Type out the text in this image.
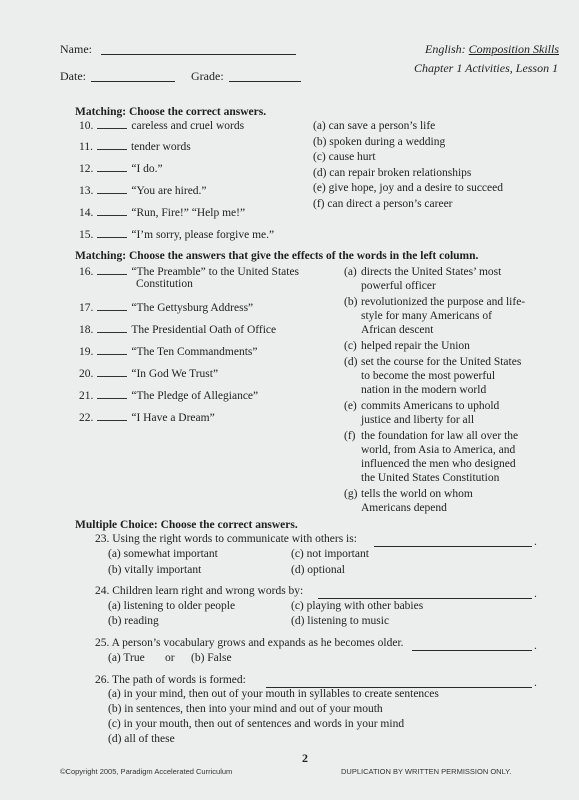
Name:
Date:	Grade:
English: Composition Skills
Chapter 1 Activities, Lesson 1
Matching: Choose the correct answers.
10.	careless and cruel words
11.	tender words
12.	“I do.”
13.	“You are hired.”
14.	“Run, Fire!” “Help me!”
15.	“I’m sorry, please forgive me.”
(a) can save a person’s life
(b) spoken during a wedding
(c) cause hurt
(d) can repair broken relationships
(e) give hope, joy and a desire to succeed
(f) can direct a person’s career
Matching: Choose the answers that give the effects of the words in the left column.
16.	“The Preamble” to the United States
Constitution
17.	“The Gettysburg Address”
18.	The Presidential Oath of Office
19.	“The Ten Commandments”
20.	“In God We Trust”
21.	“The Pledge of Allegiance”
22.	“I Have a Dream”
(a) directs the United States’ most
powerful officer
(b) revolutionized the purpose and life-
style for many Americans of
African descent
(c) helped repair the Union
(d) set the course for the United States
to become the most powerful
nation in the modern world
(e) commits Americans to uphold
justice and liberty for all
(f) the foundation for law all over the
world, from Asia to America, and
influenced the men who designed
the United States Constitution
(g) tells the world on whom
Americans depend
Multiple Choice: Choose the correct answers.
23. Using the right words to communicate with others is:	.
(a) somewhat important
(b) vitally important
(c) not important
(d) optional
24. Children learn right and wrong words by:	.
(a) listening to older people
(b) reading
(c) playing with other babies
(d) listening to music
25. A person’s vocabulary grows and expands as he becomes older.	.
(a) True or (b) False
26. The path of words is formed:	.
(a) in your mind, then out of your mouth in syllables to create sentences
(b) in sentences, then into your mind and out of your mouth
(c) in your mouth, then out of sentences and words in your mind
(d) all of these
2
©Copyright 2005, Paradigm Accelerated Curriculum	DUPLICATION BY WRITTEN PERMISSION ONLY.
